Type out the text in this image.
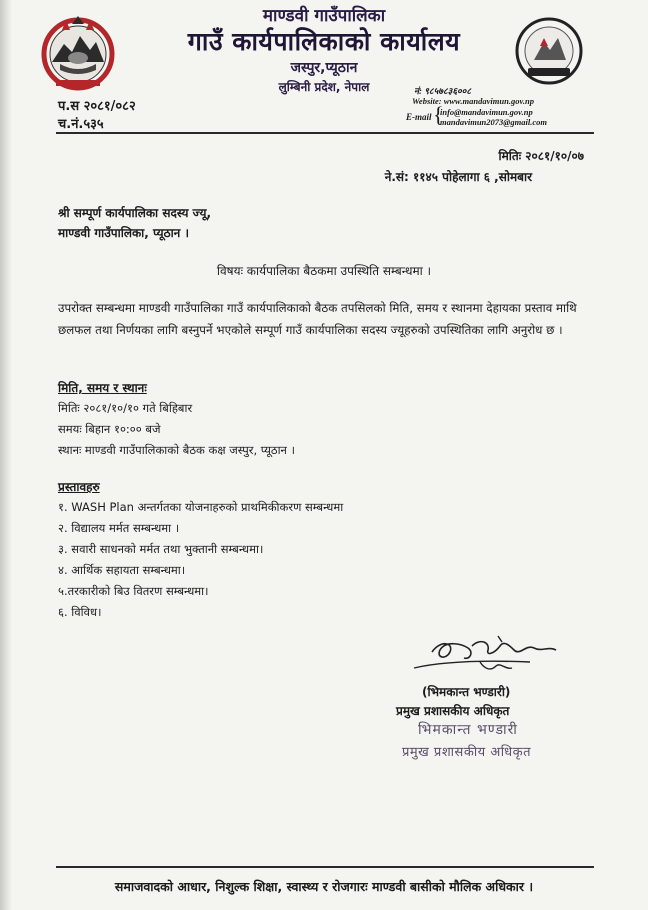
माण्डवी गाउँपालिका
गाउँ कार्यपालिकाको कार्यालय
जस्पुर,प्यूठान
लुम्बिनी प्रदेश, नेपाल	नं: ९८५७८३६००८
Website: www.mandavimun.gov.np
E-mail {
info@mandavimun.gov.np
mandavimun2073@gmail.com
प.स २०८१/०८२
च.नं.५३५
मितिः २०८१/१०/०७
ने.सं: ११४५ पोहेलागा ६ ,सोमबार
श्री सम्पूर्ण कार्यपालिका सदस्य ज्यू,
माण्डवी गाउँपालिका, प्यूठान ।
विषयः कार्यपालिका बैठकमा उपस्थिति सम्बन्धमा ।
उपरोक्त सम्बन्धमा माण्डवी गाउँपालिका गाउँ कार्यपालिकाको बैठक तपसिलको मिति, समय र स्थानमा देहायका प्रस्ताव माथि छलफल तथा निर्णयका लागि बस्नुपर्ने भएकोले सम्पूर्ण गाउँ कार्यपालिका सदस्य ज्यूहरुको उपस्थितिका लागि अनुरोध छ ।
मिति, समय र स्थानः
मितिः २०८१/१०/१० गते बिहिबार
समयः बिहान १०:०० बजे
स्थानः माण्डवी गाउँपालिकाको बैठक कक्ष जस्पुर, प्यूठान ।
प्रस्तावहरु
१. WASH Plan अन्तर्गतका योजनाहरुको प्राथमिकीकरण सम्बन्धमा
२. विद्यालय मर्मत सम्बन्धमा ।
३. सवारी साधनको मर्मत तथा भुक्तानी सम्बन्धमा।
४. आर्थिक सहायता सम्बन्धमा।
५.तरकारीको बिउ वितरण सम्बन्धमा।
६. विविध।
(भिमकान्त भण्डारी)
प्रमुख प्रशासकीय अधिकृत
भिमकान्त भण्डारी
प्रमुख प्रशासकीय अधिकृत
समाजवादको आधार, निशुल्क शिक्षा, स्वास्थ्य र रोजगारः माण्डवी बासीको मौलिक अधिकार ।
